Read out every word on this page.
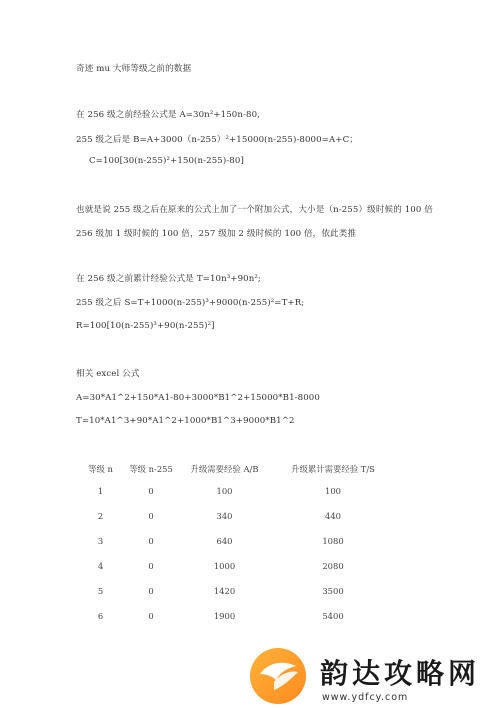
奇迹 mu 大师等级之前的数据
在 256 级之前经验公式是 A=30n²+150n-80,
255 级之后是 B=A+3000（n-255）²+15000(n-255)-8000=A+C；
C=100[30(n-255)²+150(n-255)-80]
也就是说 255 级之后在原来的公式上加了一个附加公式，大小是（n-255）级时候的 100 倍
256 级加 1 级时候的 100 倍，257 级加 2 级时候的 100 倍，依此类推
在 256 级之前累计经验公式是 T=10n³+90n²;
255 级之后 S=T+1000(n-255)³+9000(n-255)²=T+R;
R=100[10(n-255)³+90(n-255)²]
相关 excel 公式
A=30*A1^2+150*A1-80+3000*B1^2+15000*B1-8000
T=10*A1^3+90*A1^2+1000*B1^3+9000*B1^2
等级 n	等级 n-255	升级需要经验 A/B	升级累计需要经验 T/S
1	0	100	100
2	0	340	440
3	0	640	1080
4	0	1000	2080
5	0	1420	3500
6	0	1900	5400
韵达攻略网
www.ydfcy.com
